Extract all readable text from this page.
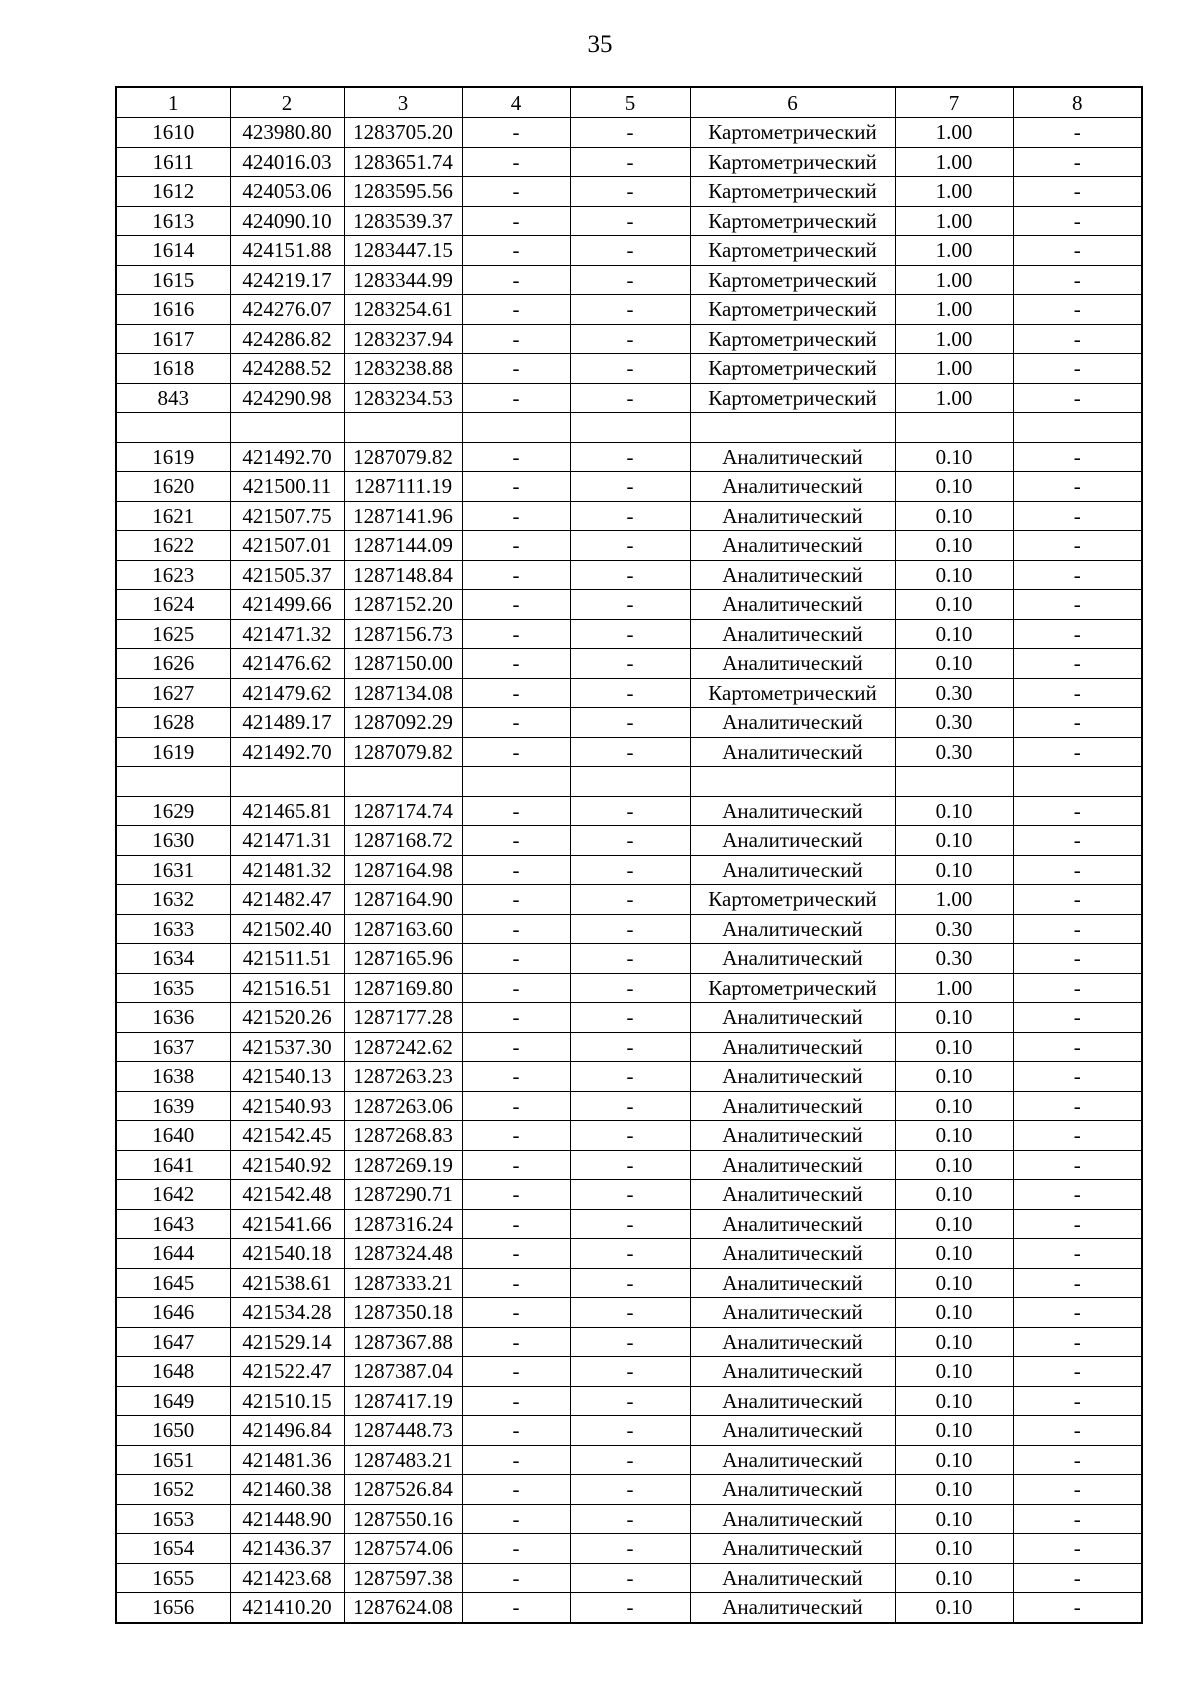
35
1	2	3	4	5	6	7	8
1610	423980.80	1283705.20	-	-	Картометрический	1.00	-
1611	424016.03	1283651.74	-	-	Картометрический	1.00	-
1612	424053.06	1283595.56	-	-	Картометрический	1.00	-
1613	424090.10	1283539.37	-	-	Картометрический	1.00	-
1614	424151.88	1283447.15	-	-	Картометрический	1.00	-
1615	424219.17	1283344.99	-	-	Картометрический	1.00	-
1616	424276.07	1283254.61	-	-	Картометрический	1.00	-
1617	424286.82	1283237.94	-	-	Картометрический	1.00	-
1618	424288.52	1283238.88	-	-	Картометрический	1.00	-
843	424290.98	1283234.53	-	-	Картометрический	1.00	-

1619	421492.70	1287079.82	-	-	Аналитический	0.10	-
1620	421500.11	1287111.19	-	-	Аналитический	0.10	-
1621	421507.75	1287141.96	-	-	Аналитический	0.10	-
1622	421507.01	1287144.09	-	-	Аналитический	0.10	-
1623	421505.37	1287148.84	-	-	Аналитический	0.10	-
1624	421499.66	1287152.20	-	-	Аналитический	0.10	-
1625	421471.32	1287156.73	-	-	Аналитический	0.10	-
1626	421476.62	1287150.00	-	-	Аналитический	0.10	-
1627	421479.62	1287134.08	-	-	Картометрический	0.30	-
1628	421489.17	1287092.29	-	-	Аналитический	0.30	-
1619	421492.70	1287079.82	-	-	Аналитический	0.30	-

1629	421465.81	1287174.74	-	-	Аналитический	0.10	-
1630	421471.31	1287168.72	-	-	Аналитический	0.10	-
1631	421481.32	1287164.98	-	-	Аналитический	0.10	-
1632	421482.47	1287164.90	-	-	Картометрический	1.00	-
1633	421502.40	1287163.60	-	-	Аналитический	0.30	-
1634	421511.51	1287165.96	-	-	Аналитический	0.30	-
1635	421516.51	1287169.80	-	-	Картометрический	1.00	-
1636	421520.26	1287177.28	-	-	Аналитический	0.10	-
1637	421537.30	1287242.62	-	-	Аналитический	0.10	-
1638	421540.13	1287263.23	-	-	Аналитический	0.10	-
1639	421540.93	1287263.06	-	-	Аналитический	0.10	-
1640	421542.45	1287268.83	-	-	Аналитический	0.10	-
1641	421540.92	1287269.19	-	-	Аналитический	0.10	-
1642	421542.48	1287290.71	-	-	Аналитический	0.10	-
1643	421541.66	1287316.24	-	-	Аналитический	0.10	-
1644	421540.18	1287324.48	-	-	Аналитический	0.10	-
1645	421538.61	1287333.21	-	-	Аналитический	0.10	-
1646	421534.28	1287350.18	-	-	Аналитический	0.10	-
1647	421529.14	1287367.88	-	-	Аналитический	0.10	-
1648	421522.47	1287387.04	-	-	Аналитический	0.10	-
1649	421510.15	1287417.19	-	-	Аналитический	0.10	-
1650	421496.84	1287448.73	-	-	Аналитический	0.10	-
1651	421481.36	1287483.21	-	-	Аналитический	0.10	-
1652	421460.38	1287526.84	-	-	Аналитический	0.10	-
1653	421448.90	1287550.16	-	-	Аналитический	0.10	-
1654	421436.37	1287574.06	-	-	Аналитический	0.10	-
1655	421423.68	1287597.38	-	-	Аналитический	0.10	-
1656	421410.20	1287624.08	-	-	Аналитический	0.10	-
